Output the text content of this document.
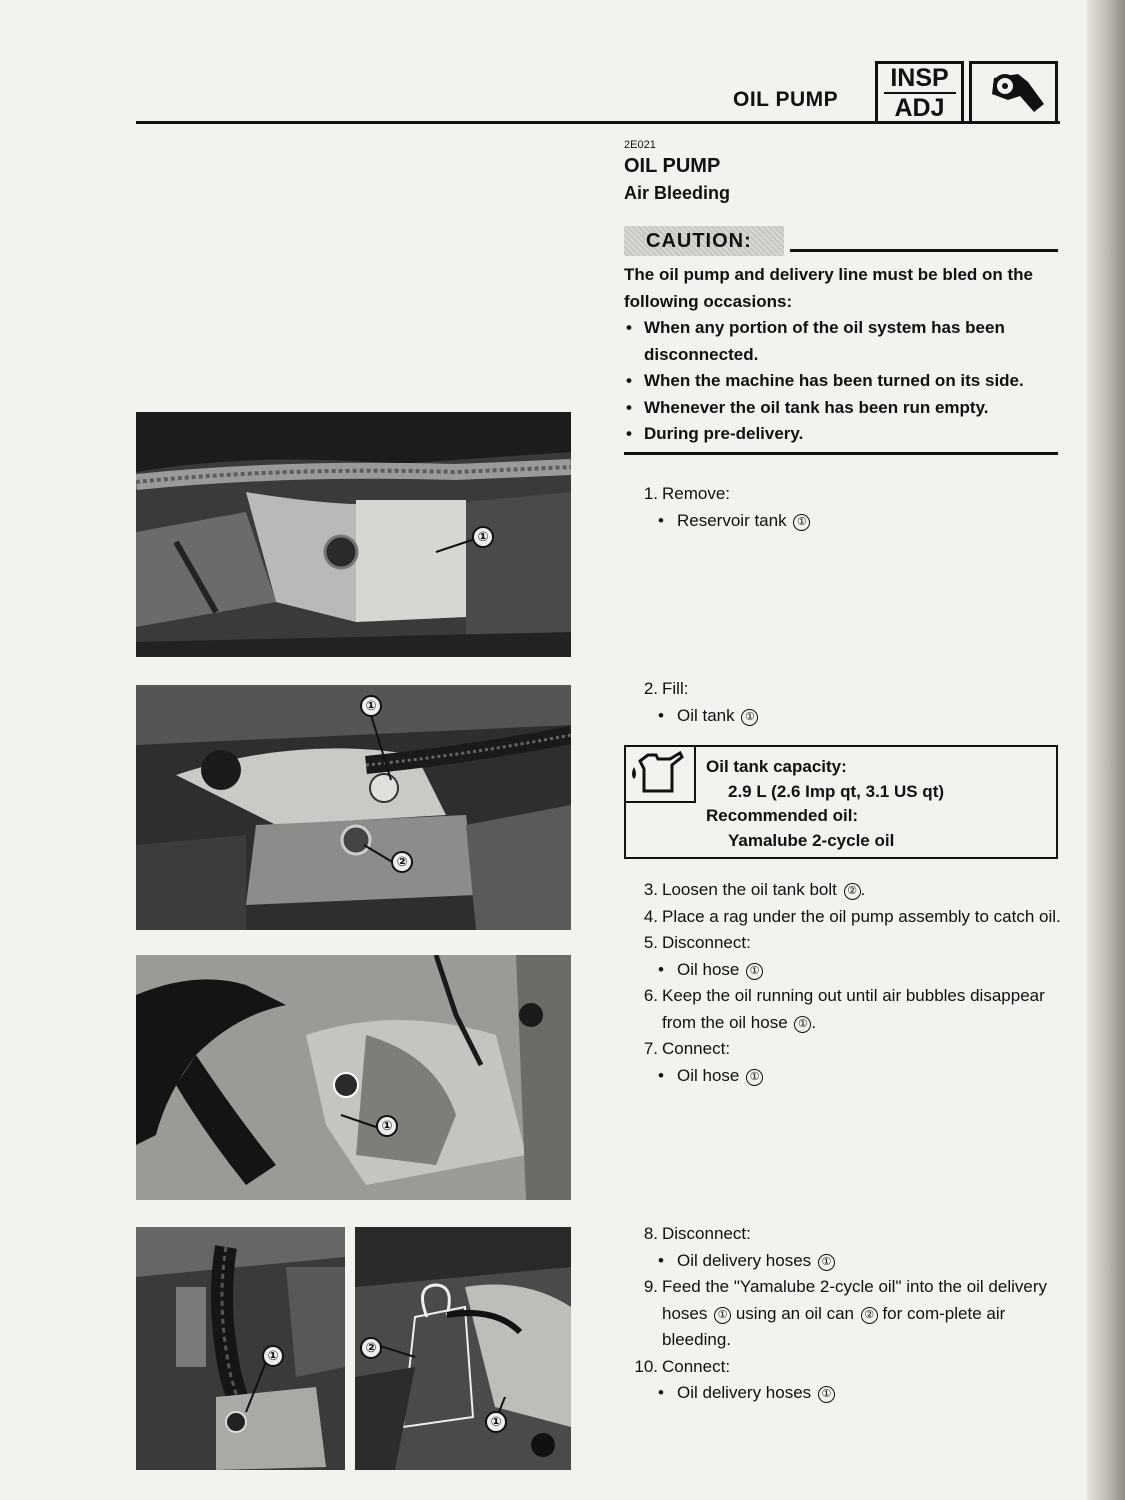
OIL PUMP
INSP
ADJ
2E021
OIL PUMP
Air Bleeding
CAUTION:

The oil pump and delivery line must be bled on the following occasions:

• When any portion of the oil system has been disconnected.
• When the machine has been turned on its side.
• Whenever the oil tank has been run empty.
• During pre-delivery.
1. Remove:
• Reservoir tank ①
2. Fill:
• Oil tank ①
Oil tank capacity:
2.9 L (2.6 Imp qt, 3.1 US qt)
Recommended oil:
Yamalube 2-cycle oil
3. Loosen the oil tank bolt ② .
4. Place a rag under the oil pump assembly to catch oil.
5. Disconnect:
• Oil hose ①
6. Keep the oil running out until air bubbles disappear from the oil hose ① .
7. Connect:
• Oil hose ①
8. Disconnect:
• Oil delivery hoses ①
9. Feed the "Yamalube 2-cycle oil" into the oil delivery hoses ① using an oil can ② for com-plete air bleeding.
10. Connect:
• Oil delivery hoses ①
①
①
②
①
①
②
①
